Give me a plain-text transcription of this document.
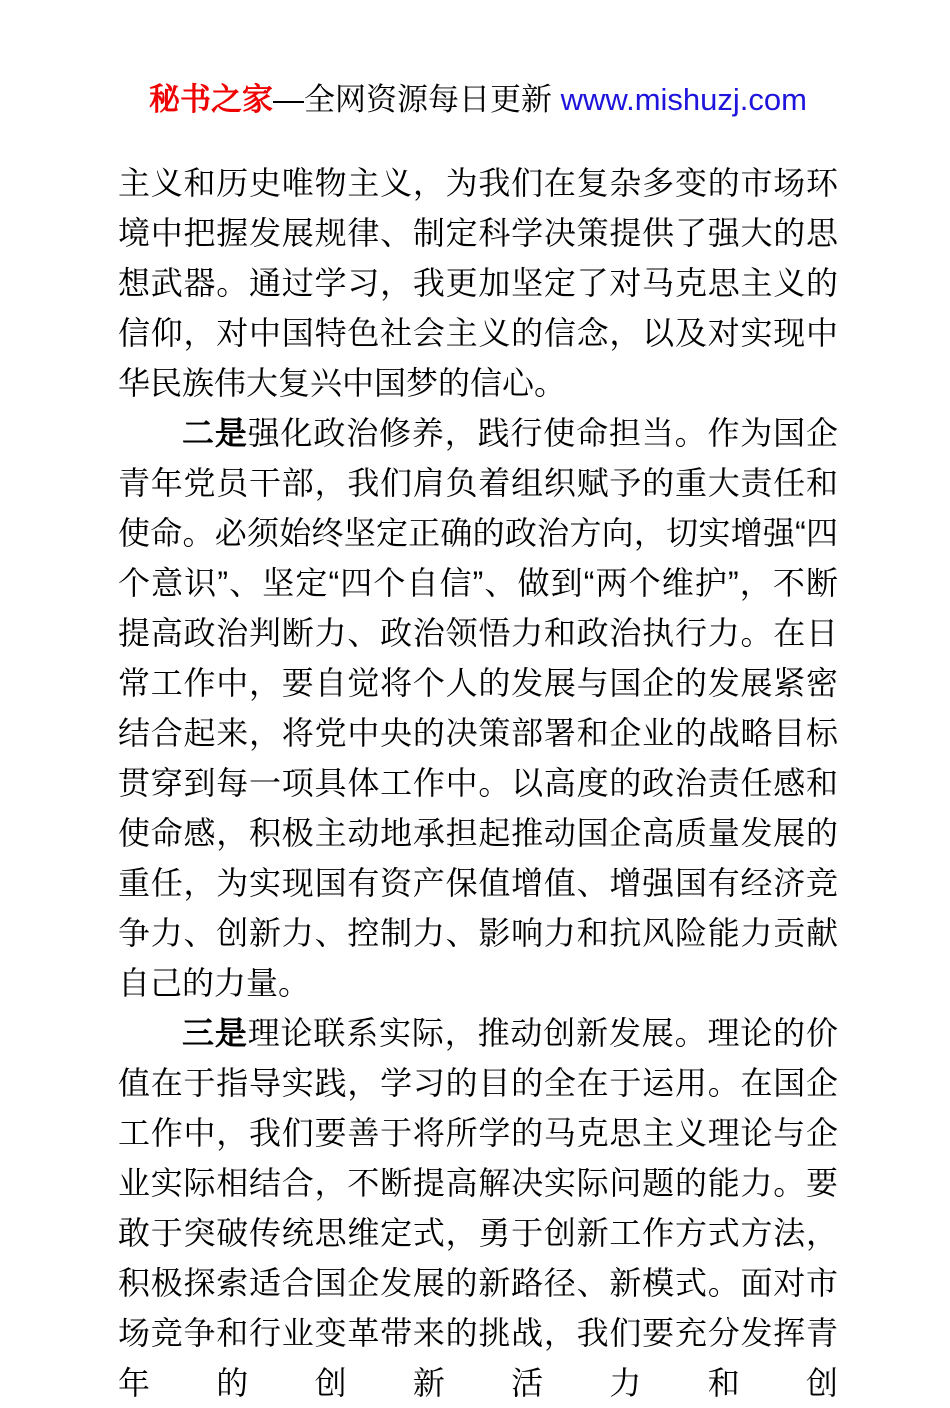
秘书之家—全网资源每日更新 www.mishuzj.com

主义和历史唯物主义，为我们在复杂多变的市场环境中把握发展规律、制定科学决策提供了强大的思想武器。通过学习，我更加坚定了对马克思主义的信仰，对中国特色社会主义的信念，以及对实现中华民族伟大复兴中国梦的信心。

二是强化政治修养，践行使命担当。作为国企青年党员干部，我们肩负着组织赋予的重大责任和使命。必须始终坚定正确的政治方向，切实增强“四个意识”、坚定“四个自信”、做到“两个维护”，不断提高政治判断力、政治领悟力和政治执行力。在日常工作中，要自觉将个人的发展与国企的发展紧密结合起来，将党中央的决策部署和企业的战略目标贯穿到每一项具体工作中。以高度的政治责任感和使命感，积极主动地承担起推动国企高质量发展的重任，为实现国有资产保值增值、增强国有经济竞争力、创新力、控制力、影响力和抗风险能力贡献自己的力量。

三是理论联系实际，推动创新发展。理论的价值在于指导实践，学习的目的全在于运用。在国企工作中，我们要善于将所学的马克思主义理论与企业实际相结合，不断提高解决实际问题的能力。要敢于突破传统思维定式，勇于创新工作方式方法，积极探索适合国企发展的新路径、新模式。面对市场竞争和行业变革带来的挑战，我们要充分发挥青年的创新活力和创
